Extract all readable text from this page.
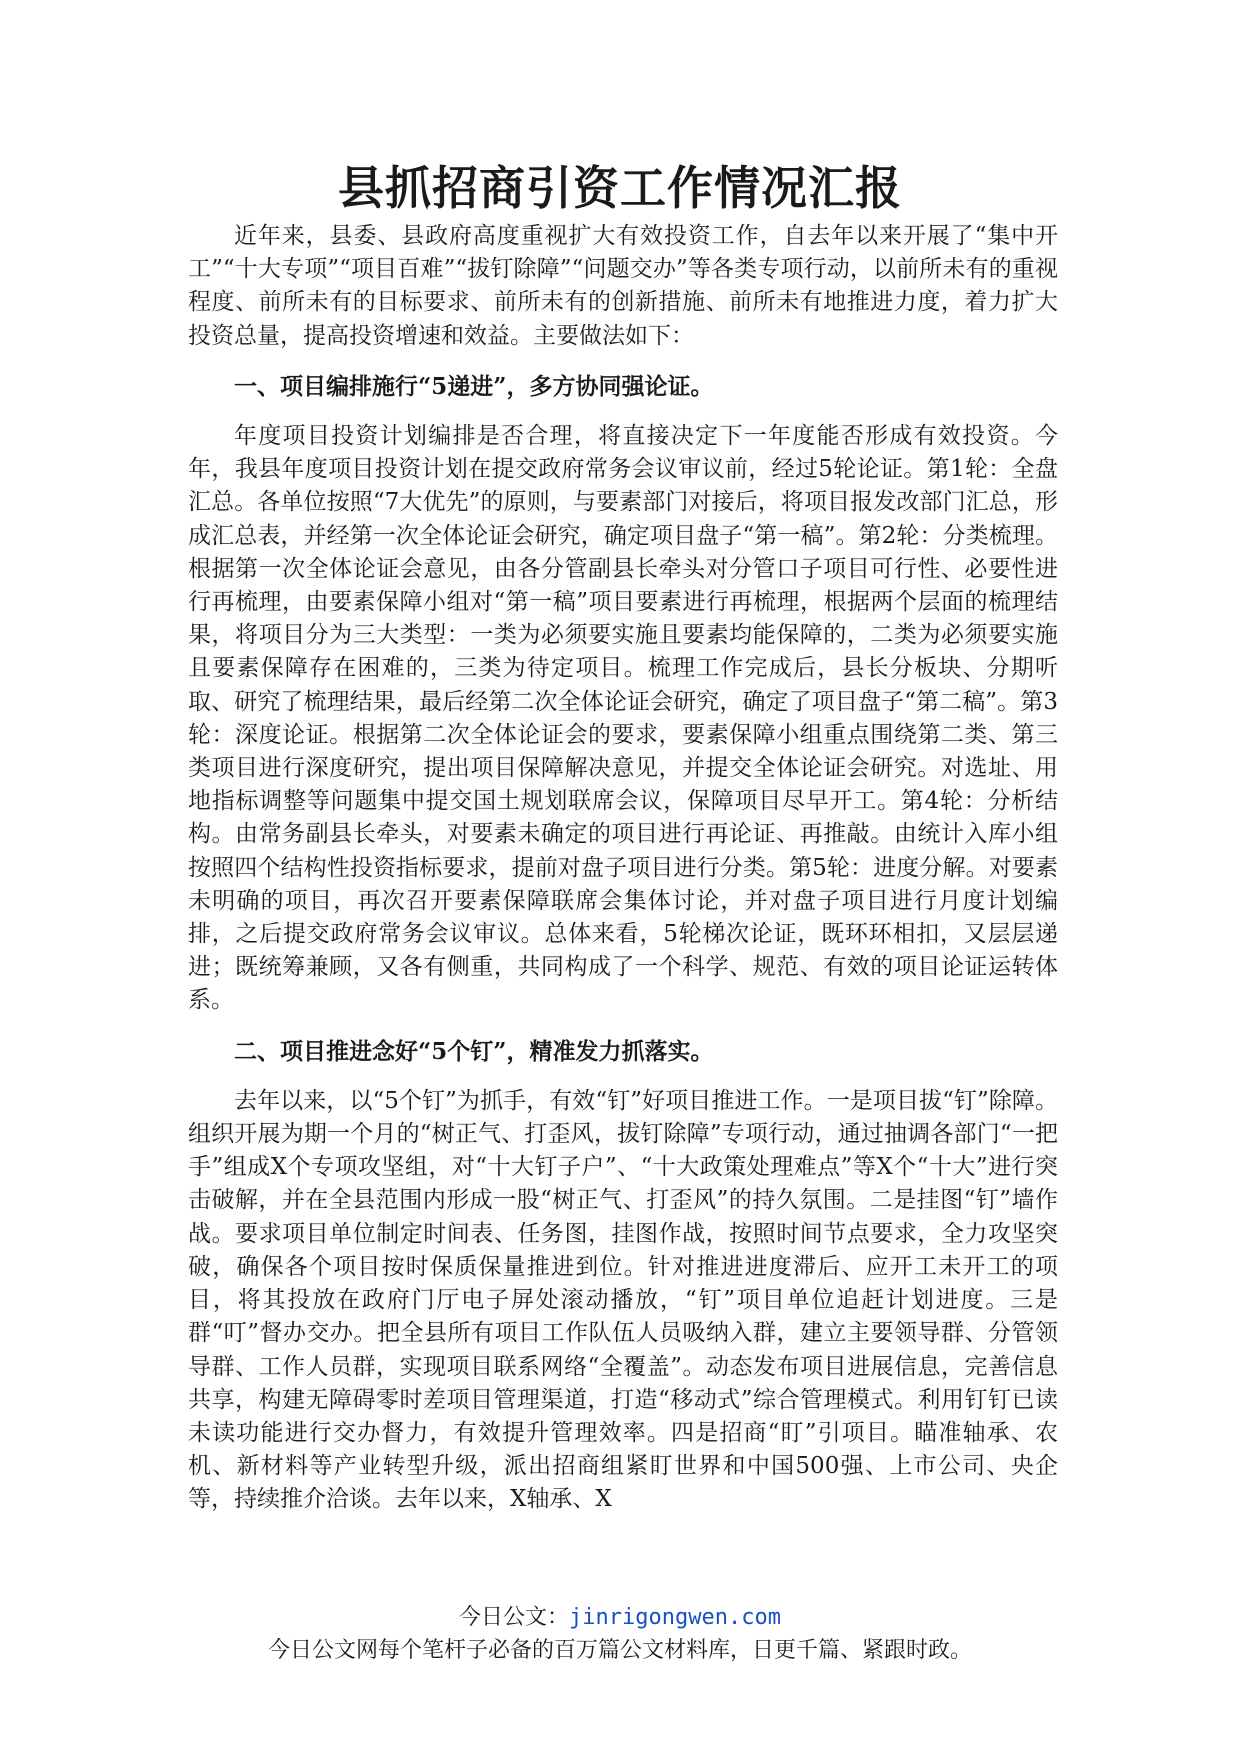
县抓招商引资工作情况汇报

近年来，县委、县政府高度重视扩大有效投资工作，自去年以来开展了“集中开工”“十大专项”“项目百难”“拔钉除障”“问题交办”等各类专项行动，以前所未有的重视程度、前所未有的目标要求、前所未有的创新措施、前所未有地推进力度，着力扩大投资总量，提高投资增速和效益。主要做法如下：

一、项目编排施行“5递进”，多方协同强论证。

年度项目投资计划编排是否合理，将直接决定下一年度能否形成有效投资。今年，我县年度项目投资计划在提交政府常务会议审议前，经过5轮论证。第1轮：全盘汇总。各单位按照“7大优先”的原则，与要素部门对接后，将项目报发改部门汇总，形成汇总表，并经第一次全体论证会研究，确定项目盘子“第一稿”。第2轮：分类梳理。根据第一次全体论证会意见，由各分管副县长牵头对分管口子项目可行性、必要性进行再梳理，由要素保障小组对“第一稿”项目要素进行再梳理，根据两个层面的梳理结果，将项目分为三大类型：一类为必须要实施且要素均能保障的，二类为必须要实施且要素保障存在困难的，三类为待定项目。梳理工作完成后，县长分板块、分期听取、研究了梳理结果，最后经第二次全体论证会研究，确定了项目盘子“第二稿”。第3轮：深度论证。根据第二次全体论证会的要求，要素保障小组重点围绕第二类、第三类项目进行深度研究，提出项目保障解决意见，并提交全体论证会研究。对选址、用地指标调整等问题集中提交国土规划联席会议，保障项目尽早开工。第4轮：分析结构。由常务副县长牵头，对要素未确定的项目进行再论证、再推敲。由统计入库小组按照四个结构性投资指标要求，提前对盘子项目进行分类。第5轮：进度分解。对要素未明确的项目，再次召开要素保障联席会集体讨论，并对盘子项目进行月度计划编排，之后提交政府常务会议审议。总体来看，5轮梯次论证，既环环相扣，又层层递进；既统筹兼顾，又各有侧重，共同构成了一个科学、规范、有效的项目论证运转体系。

二、项目推进念好“5个钉”，精准发力抓落实。

去年以来，以“5个钉”为抓手，有效“钉”好项目推进工作。一是项目拔“钉”除障。组织开展为期一个月的“树正气、打歪风，拔钉除障”专项行动，通过抽调各部门“一把手”组成X个专项攻坚组，对“十大钉子户”、“十大政策处理难点”等X个“十大”进行突击破解，并在全县范围内形成一股“树正气、打歪风”的持久氛围。二是挂图“钉”墙作战。要求项目单位制定时间表、任务图，挂图作战，按照时间节点要求，全力攻坚突破，确保各个项目按时保质保量推进到位。针对推进进度滞后、应开工未开工的项目，将其投放在政府门厅电子屏处滚动播放，“钉”项目单位追赶计划进度。三是群“叮”督办交办。把全县所有项目工作队伍人员吸纳入群，建立主要领导群、分管领导群、工作人员群，实现项目联系网络“全覆盖”。动态发布项目进展信息，完善信息共享，构建无障碍零时差项目管理渠道，打造“移动式”综合管理模式。利用钉钉已读未读功能进行交办督力，有效提升管理效率。四是招商“盯”引项目。瞄准轴承、农机、新材料等产业转型升级，派出招商组紧盯世界和中国500强、上市公司、央企等，持续推介洽谈。去年以来，X轴承、X

今日公文：jinrigongwen.com
今日公文网每个笔杆子必备的百万篇公文材料库，日更千篇、紧跟时政。
